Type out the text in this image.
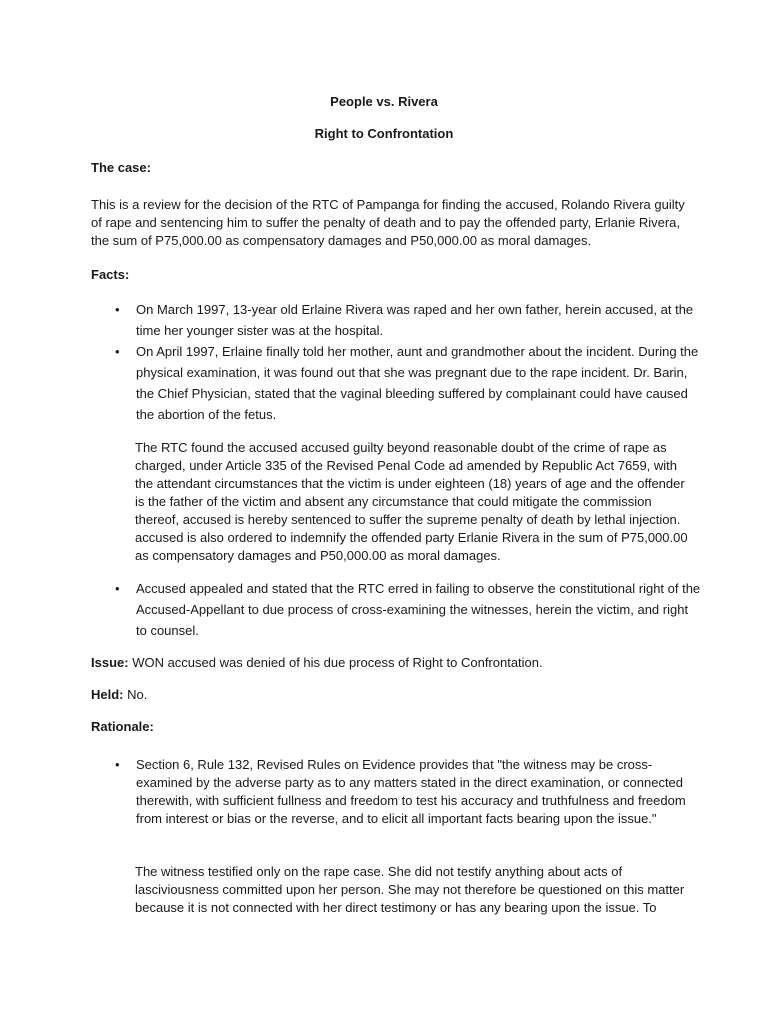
People vs. Rivera
Right to Confrontation
The case:
This is a review for the decision of the RTC of Pampanga for finding the accused, Rolando Rivera guilty of rape and sentencing him to suffer the penalty of death and to pay the offended party, Erlanie Rivera, the sum of P75,000.00 as compensatory damages and P50,000.00 as moral damages.
Facts:
•	On March 1997, 13-year old Erlaine Rivera was raped and her own father, herein accused, at the time her younger sister was at the hospital.
•	On April 1997, Erlaine finally told her mother, aunt and grandmother about the incident. During the physical examination, it was found out that she was pregnant due to the rape incident. Dr. Barin, the Chief Physician, stated that the vaginal bleeding suffered by complainant could have caused the abortion of the fetus.
The RTC found the accused accused guilty beyond reasonable doubt of the crime of rape as charged, under Article 335 of the Revised Penal Code ad amended by Republic Act 7659, with the attendant circumstances that the victim is under eighteen (18) years of age and the offender is the father of the victim and absent any circumstance that could mitigate the commission thereof, accused is hereby sentenced to suffer the supreme penalty of death by lethal injection. accused is also ordered to indemnify the offended party Erlanie Rivera in the sum of P75,000.00 as compensatory damages and P50,000.00 as moral damages.
•	Accused appealed and stated that the RTC erred in failing to observe the constitutional right of the Accused-Appellant to due process of cross-examining the witnesses, herein the victim, and right to counsel.
Issue: WON accused was denied of his due process of Right to Confrontation.
Held: No.
Rationale:
•	Section 6, Rule 132, Revised Rules on Evidence provides that "the witness may be cross-examined by the adverse party as to any matters stated in the direct examination, or connected therewith, with sufficient fullness and freedom to test his accuracy and truthfulness and freedom from interest or bias or the reverse, and to elicit all important facts bearing upon the issue."
The witness testified only on the rape case. She did not testify anything about acts of lasciviousness committed upon her person. She may not therefore be questioned on this matter because it is not connected with her direct testimony or has any bearing upon the issue. To
